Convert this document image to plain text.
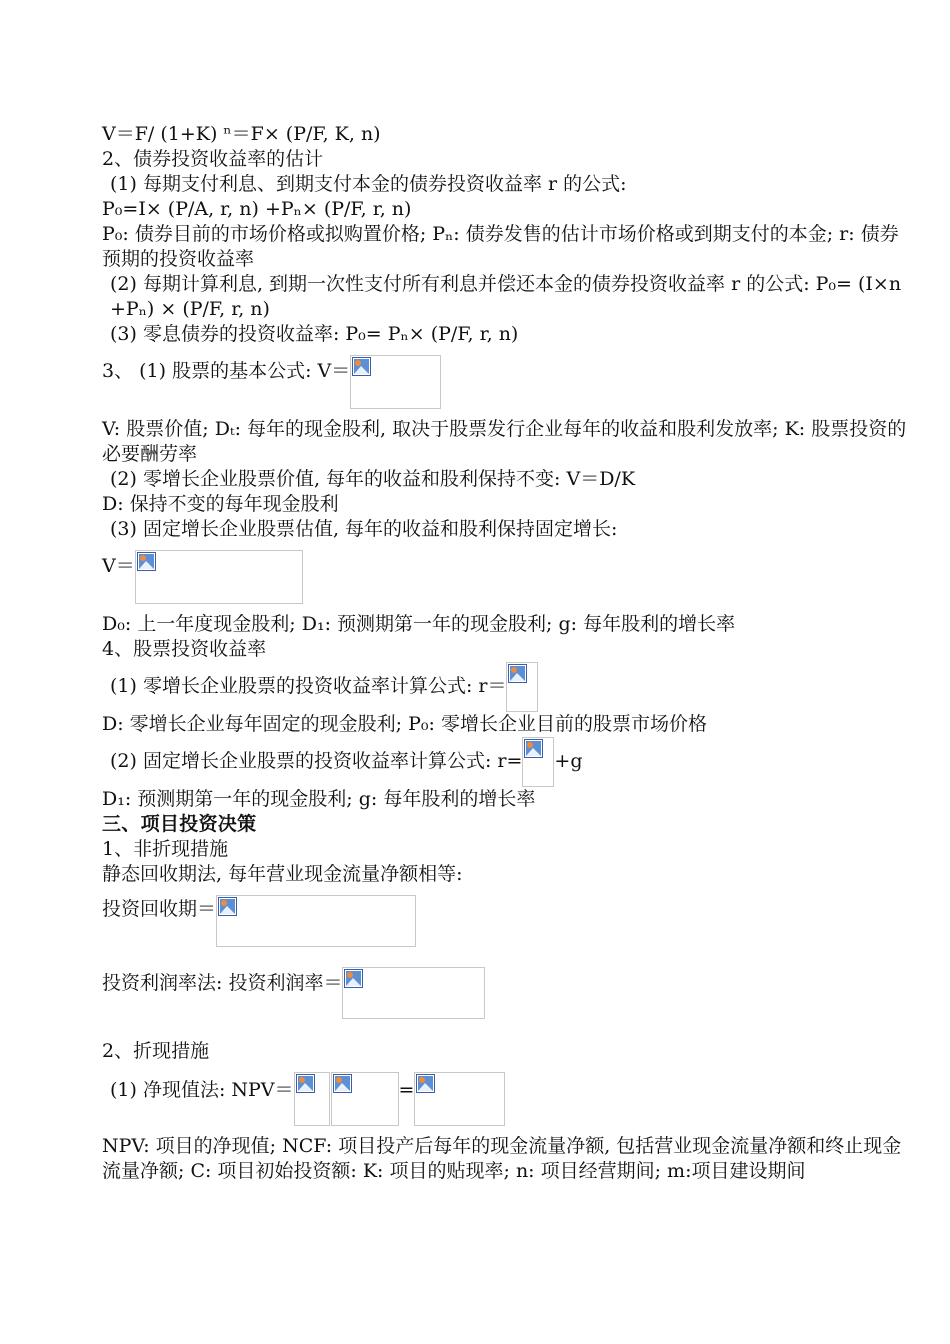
V＝F/ (1+K) ⁿ＝F× (P/F, K, n)

2、债券投资收益率的估计

(1) 每期支付利息、到期支付本金的债券投资收益率 r 的公式:

P₀=I× (P/A, r, n) +Pₙ× (P/F, r, n)

P₀: 债券目前的市场价格或拟购置价格; Pₙ: 债券发售的估计市场价格或到期支付的本金; r: 债券预期的投资收益率

(2) 每期计算利息, 到期一次性支付所有利息并偿还本金的债券投资收益率 r 的公式: P₀= (I×n+Pₙ) × (P/F, r, n)

(3) 零息债券的投资收益率: P₀= Pₙ× (P/F, r, n)

3、 (1) 股票的基本公式: V＝

V: 股票价值; Dₜ: 每年的现金股利, 取决于股票发行企业每年的收益和股利发放率; K: 股票投资的必要酬劳率

(2) 零增长企业股票价值, 每年的收益和股利保持不变: V＝D/K

D: 保持不变的每年现金股利

(3) 固定增长企业股票估值, 每年的收益和股利保持固定增长:

V＝

D₀: 上一年度现金股利; D₁: 预测期第一年的现金股利; g: 每年股利的增长率

4、股票投资收益率

(1) 零增长企业股票的投资收益率计算公式: r＝

D: 零增长企业每年固定的现金股利; P₀: 零增长企业目前的股票市场价格

(2) 固定增长企业股票的投资收益率计算公式: r= +g

D₁: 预测期第一年的现金股利; g: 每年股利的增长率

三、项目投资决策

1、非折现措施

静态回收期法, 每年营业现金流量净额相等:

投资回收期＝
投资利润率法: 投资利润率＝

2、折现措施

(1) 净现值法: NPV＝	=

NPV: 项目的净现值; NCF: 项目投产后每年的现金流量净额, 包括营业现金流量净额和终止现金流量净额; C: 项目初始投资额: K: 项目的贴现率; n: 项目经营期间; m:项目建设期间
